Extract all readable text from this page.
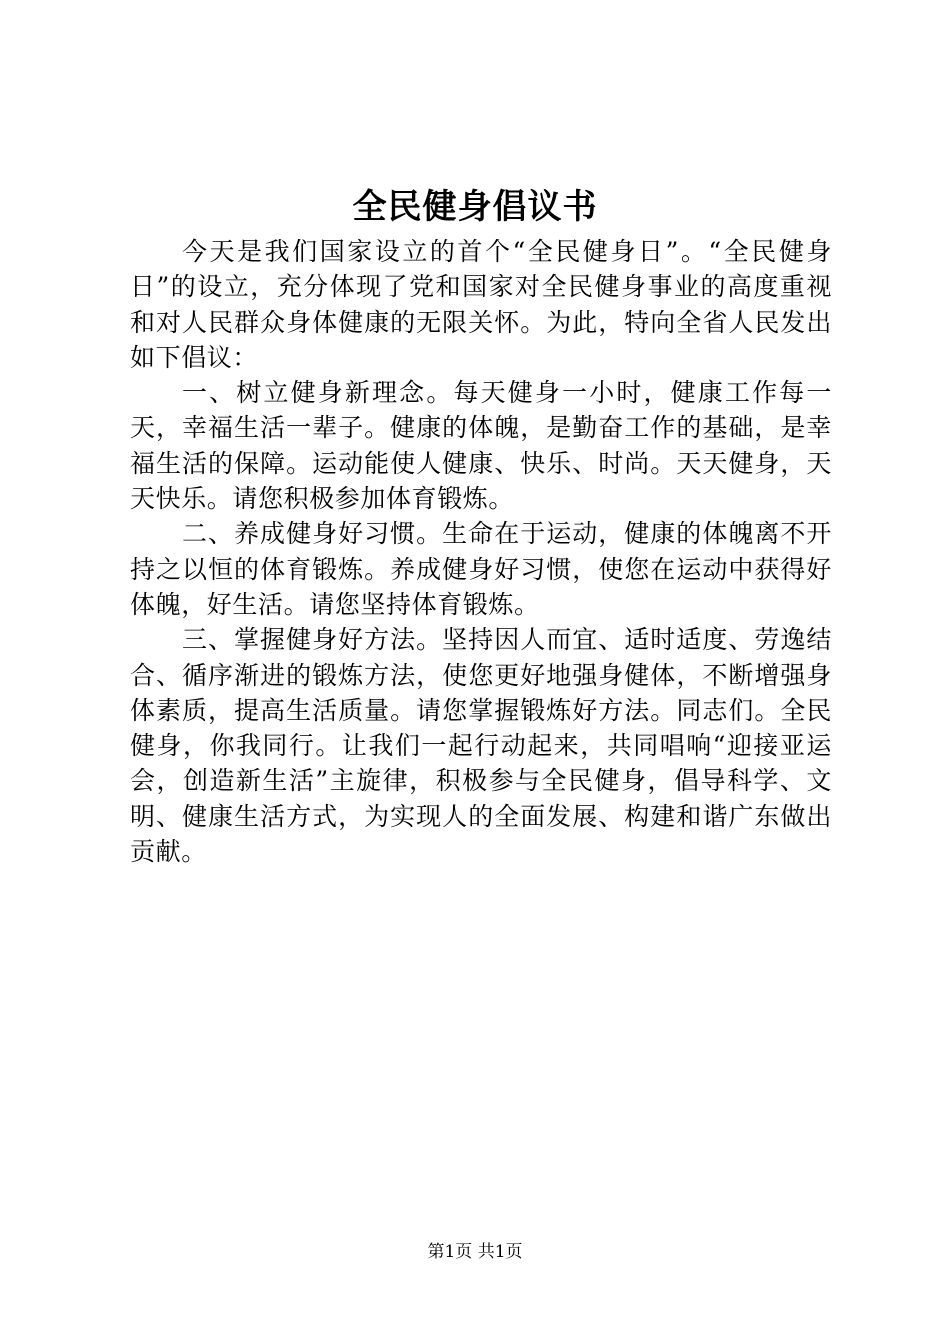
全民健身倡议书

今天是我们国家设立的首个“全民健身日”。“全民健身日”的设立，充分体现了党和国家对全民健身事业的高度重视和对人民群众身体健康的无限关怀。为此，特向全省人民发出如下倡议：

一、树立健身新理念。每天健身一小时，健康工作每一天，幸福生活一辈子。健康的体魄，是勤奋工作的基础，是幸福生活的保障。运动能使人健康、快乐、时尚。天天健身，天天快乐。请您积极参加体育锻炼。

二、养成健身好习惯。生命在于运动，健康的体魄离不开持之以恒的体育锻炼。养成健身好习惯，使您在运动中获得好体魄，好生活。请您坚持体育锻炼。

三、掌握健身好方法。坚持因人而宜、适时适度、劳逸结合、循序渐进的锻炼方法，使您更好地强身健体，不断增强身体素质，提高生活质量。请您掌握锻炼好方法。同志们。全民健身，你我同行。让我们一起行动起来，共同唱响“迎接亚运会，创造新生活”主旋律，积极参与全民健身，倡导科学、文明、健康生活方式，为实现人的全面发展、构建和谐广东做出贡献。

第1页 共1页
